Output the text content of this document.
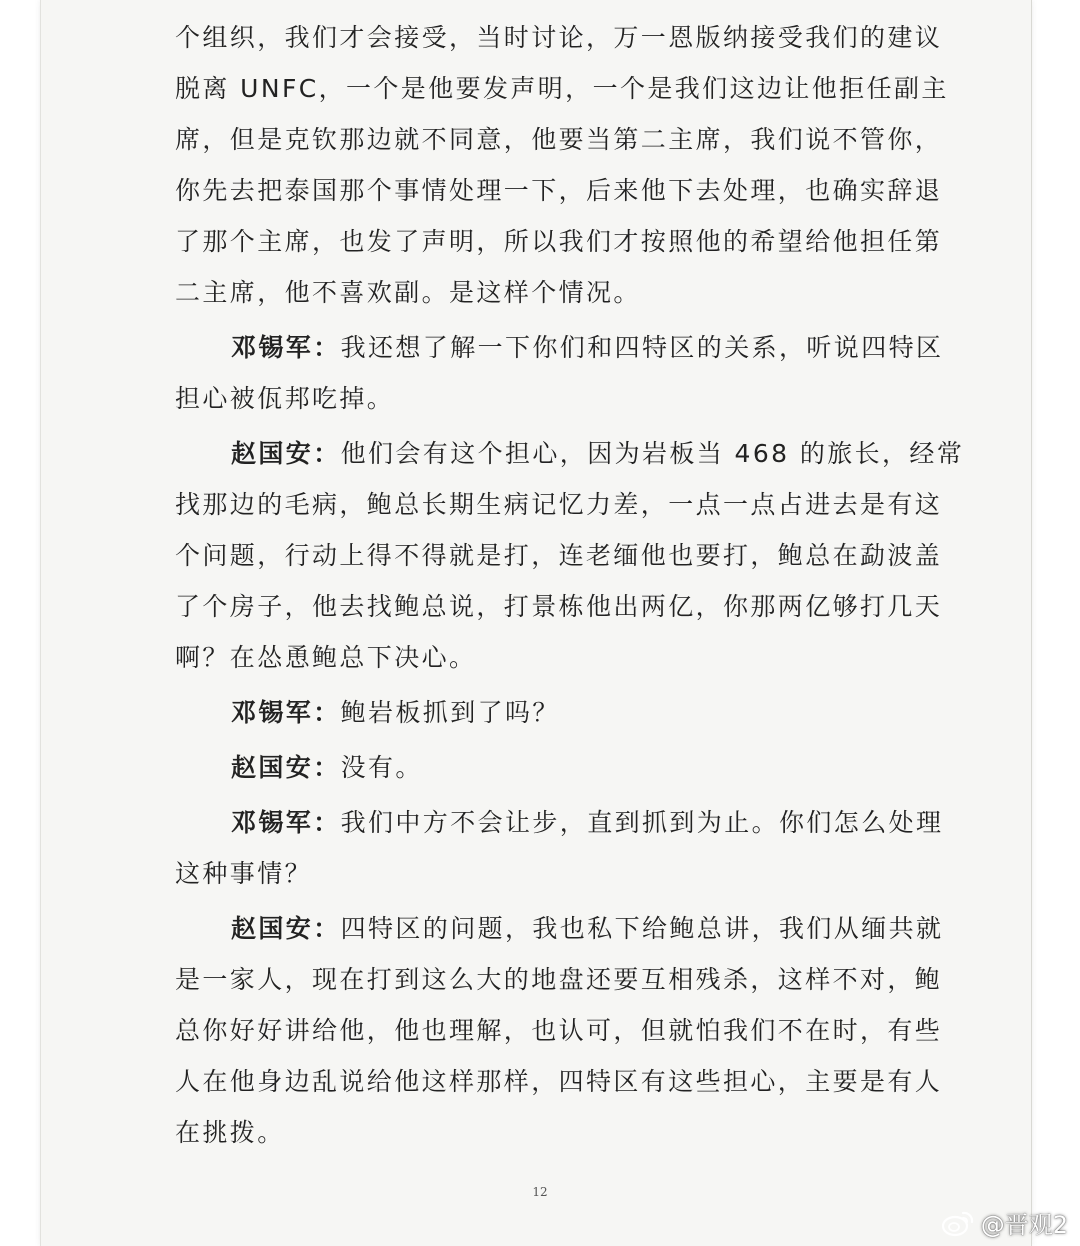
个组织，我们才会接受，当时讨论，万一恩版纳接受我们的建议
脱离 UNFC，一个是他要发声明，一个是我们这边让他拒任副主
席，但是克钦那边就不同意，他要当第二主席，我们说不管你，
你先去把泰国那个事情处理一下，后来他下去处理，也确实辞退
了那个主席，也发了声明，所以我们才按照他的希望给他担任第
二主席，他不喜欢副。是这样个情况。
邓锡军：我还想了解一下你们和四特区的关系，听说四特区
担心被佤邦吃掉。
赵国安：他们会有这个担心，因为岩板当 468 的旅长，经常
找那边的毛病，鲍总长期生病记忆力差，一点一点占进去是有这
个问题，行动上得不得就是打，连老缅他也要打，鲍总在勐波盖
了个房子，他去找鲍总说，打景栋他出两亿，你那两亿够打几天
啊？在怂恿鲍总下决心。
邓锡军：鲍岩板抓到了吗？
赵国安：没有。
邓锡军：我们中方不会让步，直到抓到为止。你们怎么处理
这种事情？
赵国安：四特区的问题，我也私下给鲍总讲，我们从缅共就
是一家人，现在打到这么大的地盘还要互相残杀，这样不对，鲍
总你好好讲给他，他也理解，也认可，但就怕我们不在时，有些
人在他身边乱说给他这样那样，四特区有这些担心，主要是有人
在挑拨。
12
@晋观2
